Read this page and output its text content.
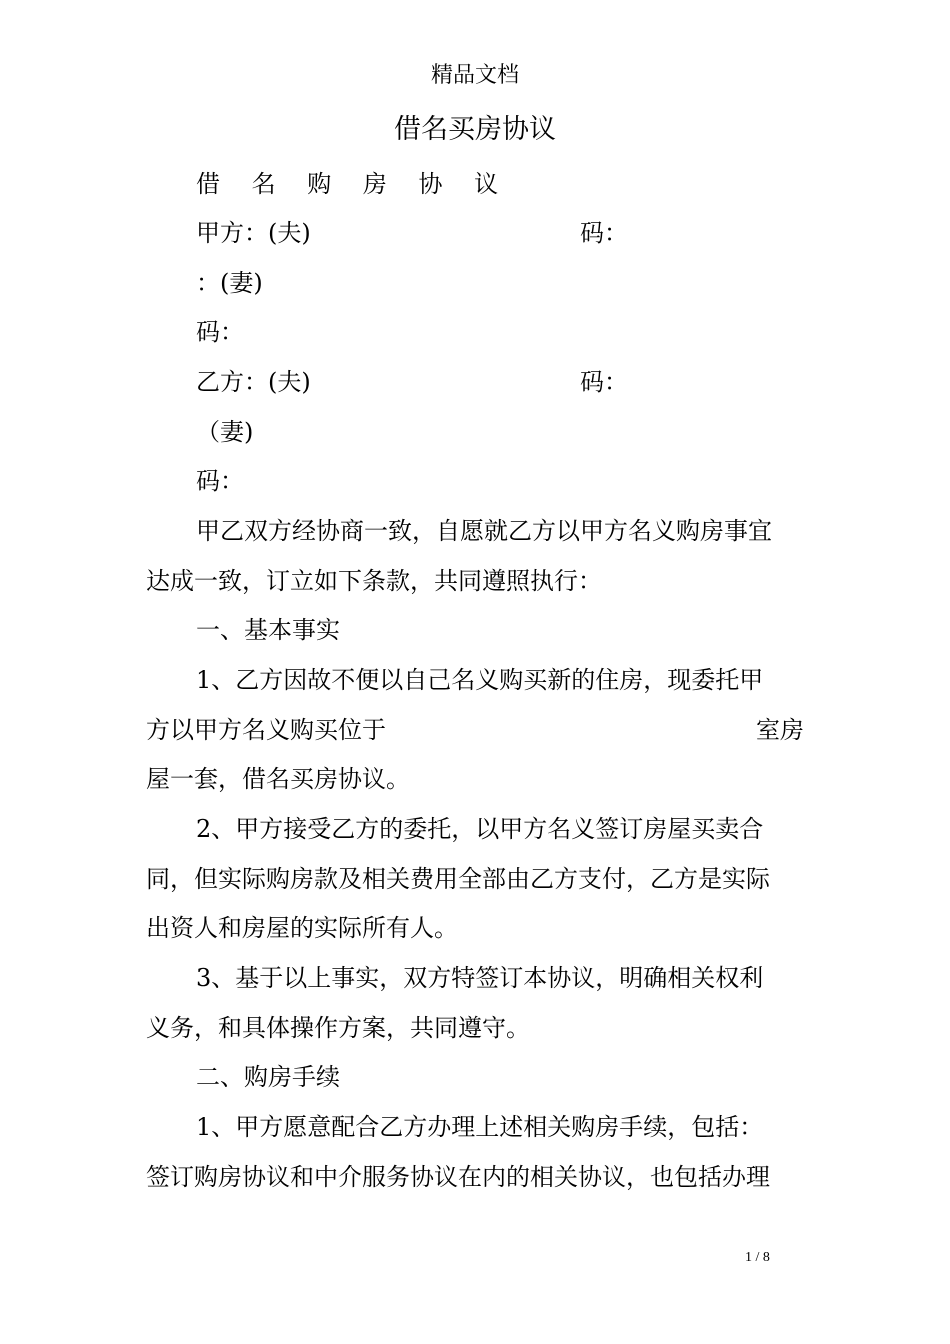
精品文档
借名买房协议
借 名 购 房 协 议
甲方：(夫)	码：
：(妻)
码：
乙方：(夫)	码：
（妻)
码：
甲乙双方经协商一致，自愿就乙方以甲方名义购房事宜
达成一致，订立如下条款，共同遵照执行：
一、基本事实
1、乙方因故不便以自己名义购买新的住房，现委托甲
方以甲方名义购买位于	室房
屋一套，借名买房协议。
2、甲方接受乙方的委托，以甲方名义签订房屋买卖合
同，但实际购房款及相关费用全部由乙方支付，乙方是实际
出资人和房屋的实际所有人。
3、基于以上事实，双方特签订本协议，明确相关权利
义务，和具体操作方案，共同遵守。
二、购房手续
1、甲方愿意配合乙方办理上述相关购房手续，包括：
签订购房协议和中介服务协议在内的相关协议，也包括办理
1 / 8
